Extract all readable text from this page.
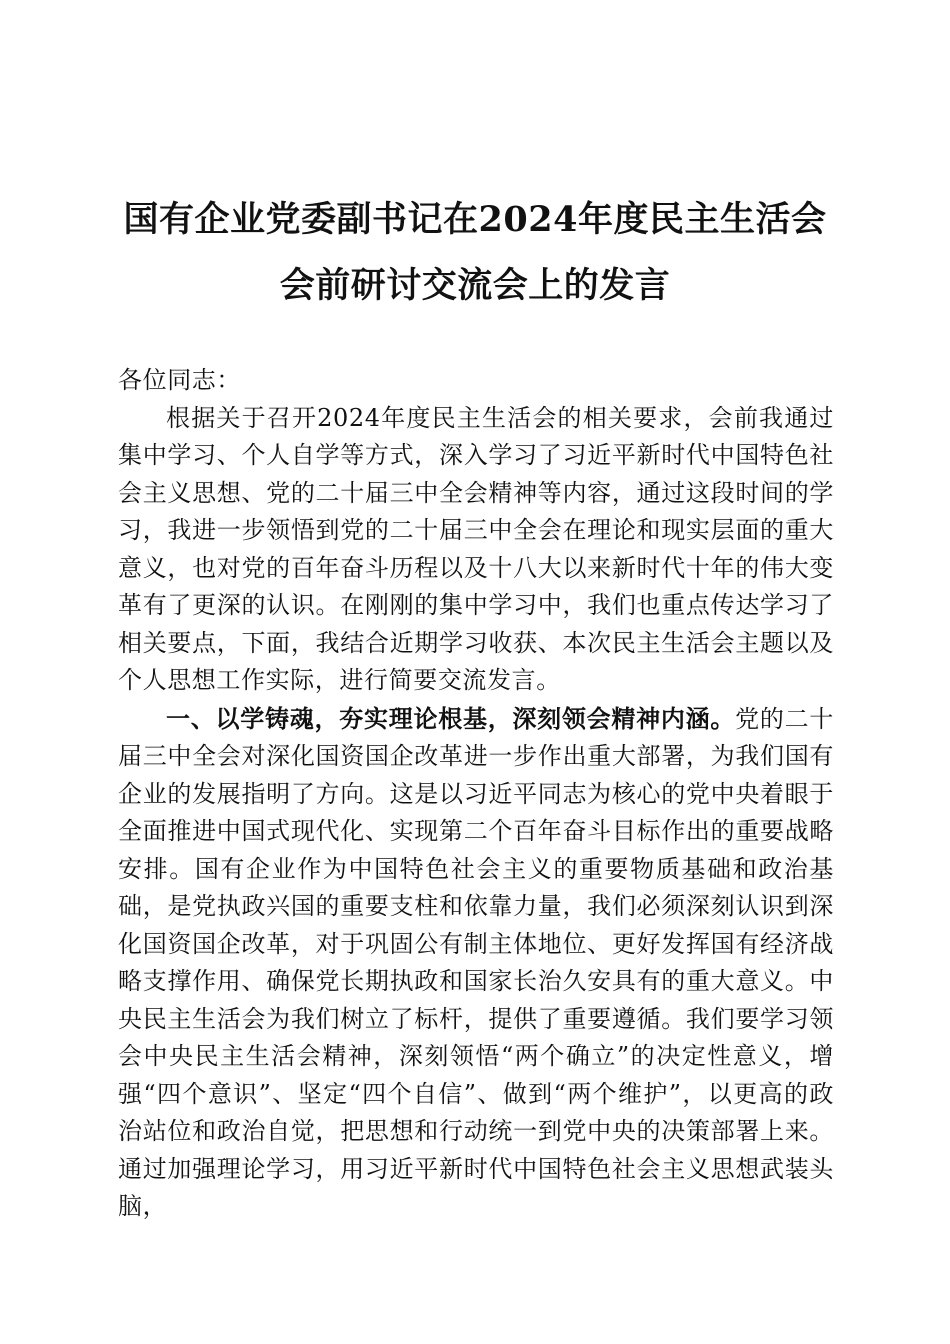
国有企业党委副书记在2024年度民主生活会
会前研讨交流会上的发言

各位同志：

根据关于召开2024年度民主生活会的相关要求，会前我通过集中学习、个人自学等方式，深入学习了习近平新时代中国特色社会主义思想、党的二十届三中全会精神等内容，通过这段时间的学习，我进一步领悟到党的二十届三中全会在理论和现实层面的重大意义，也对党的百年奋斗历程以及十八大以来新时代十年的伟大变革有了更深的认识。在刚刚的集中学习中，我们也重点传达学习了相关要点，下面，我结合近期学习收获、本次民主生活会主题以及个人思想工作实际，进行简要交流发言。

一、以学铸魂，夯实理论根基，深刻领会精神内涵。党的二十届三中全会对深化国资国企改革进一步作出重大部署，为我们国有企业的发展指明了方向。这是以习近平同志为核心的党中央着眼于全面推进中国式现代化、实现第二个百年奋斗目标作出的重要战略安排。国有企业作为中国特色社会主义的重要物质基础和政治基础，是党执政兴国的重要支柱和依靠力量，我们必须深刻认识到深化国资国企改革，对于巩固公有制主体地位、更好发挥国有经济战略支撑作用、确保党长期执政和国家长治久安具有的重大意义。中央民主生活会为我们树立了标杆，提供了重要遵循。我们要学习领会中央民主生活会精神，深刻领悟“两个确立”的决定性意义，增强“四个意识”、坚定“四个自信”、做到“两个维护”，以更高的政治站位和政治自觉，把思想和行动统一到党中央的决策部署上来。通过加强理论学习，用习近平新时代中国特色社会主义思想武装头脑，
